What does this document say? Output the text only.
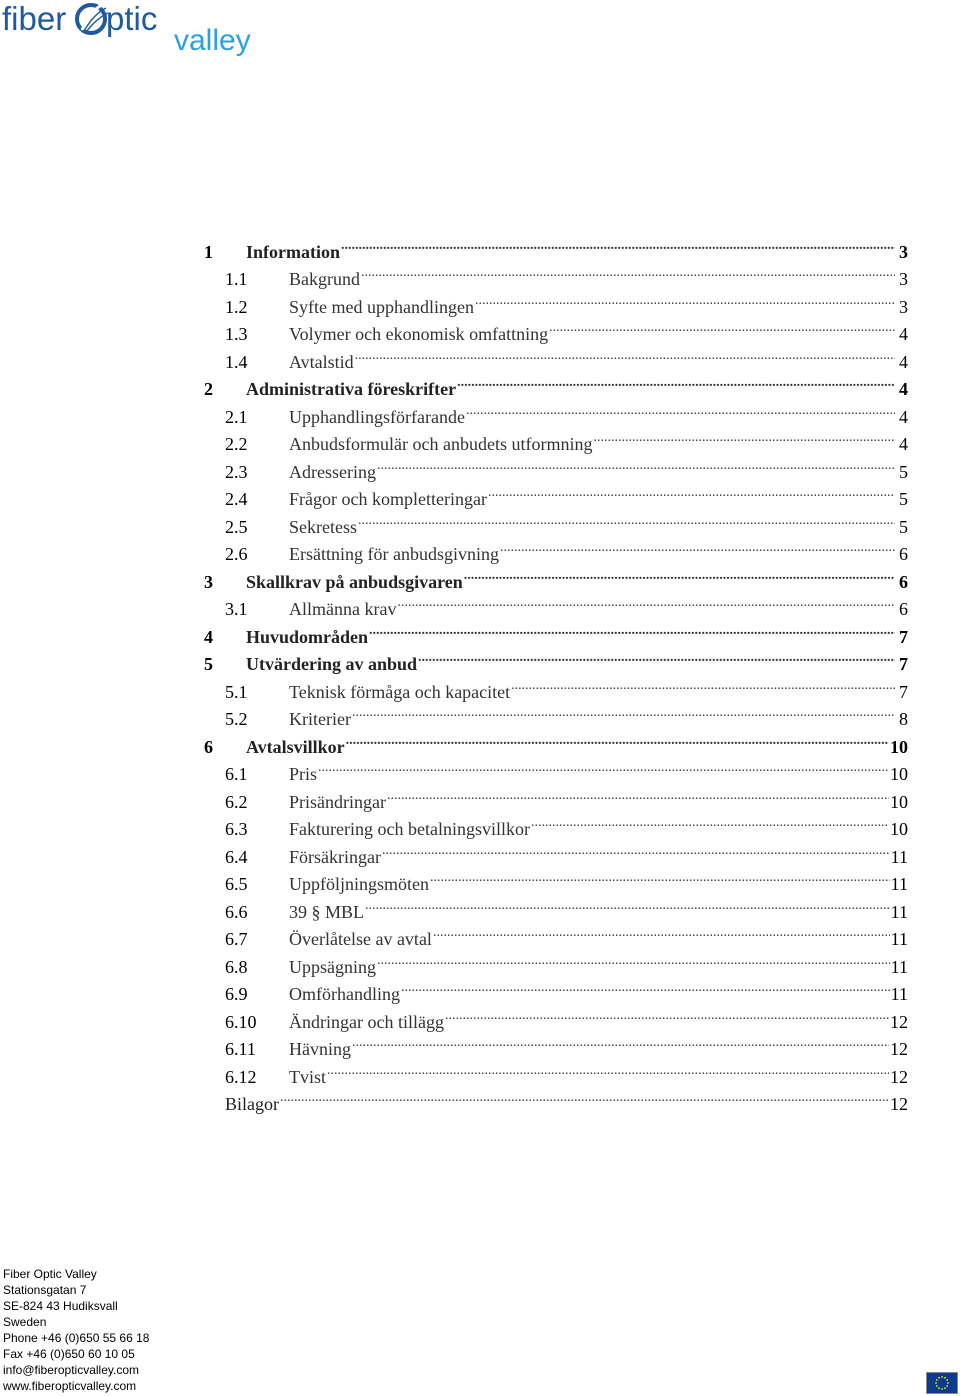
fiber ptic
valley
1	Information .....	3
1.1	Bakgrund .....	3
1.2	Syfte med upphandlingen .....	3
1.3	Volymer och ekonomisk omfattning .....	4
1.4	Avtalstid .....	4
2	Administrativa föreskrifter .....	4
2.1	Upphandlingsförfarande .....	4
2.2	Anbudsformulär och anbudets utformning .....	4
2.3	Adressering .....	5
2.4	Frågor och kompletteringar .....	5
2.5	Sekretess .....	5
2.6	Ersättning för anbudsgivning .....	6
3	Skallkrav på anbudsgivaren .....	6
3.1	Allmänna krav .....	6
4	Huvudområden .....	7
5	Utvärdering av anbud .....	7
5.1	Teknisk förmåga och kapacitet .....	7
5.2	Kriterier .....	8
6	Avtalsvillkor .....	10
6.1	Pris .....	10
6.2	Prisändringar .....	10
6.3	Fakturering och betalningsvillkor .....	10
6.4	Försäkringar .....	11
6.5	Uppföljningsmöten .....	11
6.6	39 § MBL .....	11
6.7	Överlåtelse av avtal .....	11
6.8	Uppsägning .....	11
6.9	Omförhandling .....	11
6.10	Ändringar och tillägg .....	12
6.11	Hävning .....	12
6.12	Tvist .....	12
Bilagor .....	12
Fiber Optic Valley
Stationsgatan 7
SE-824 43 Hudiksvall
Sweden
Phone +46 (0)650 55 66 18
Fax +46 (0)650 60 10 05
info@fiberopticvalley.com
www.fiberopticvalley.com
